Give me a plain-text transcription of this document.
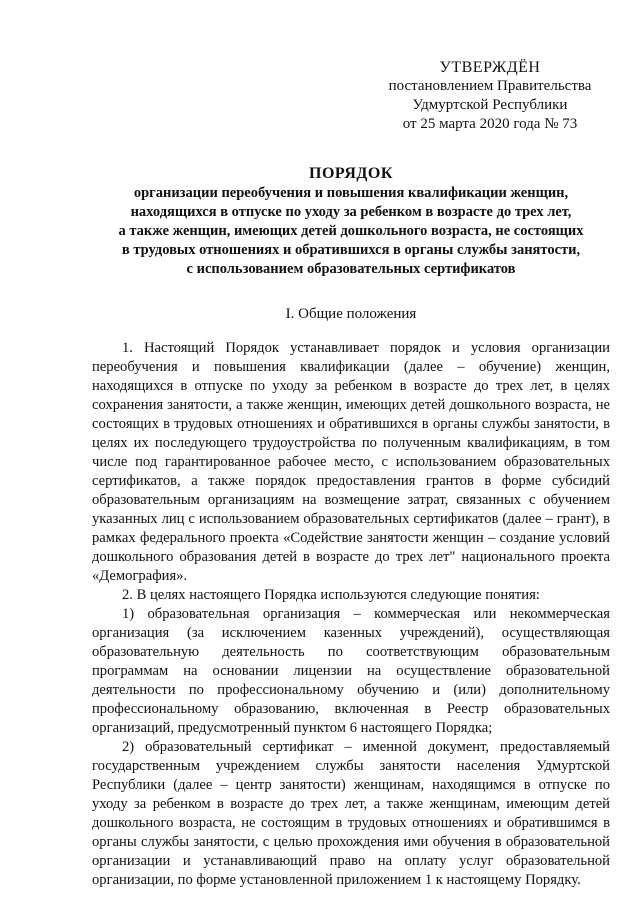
УТВЕРЖДЁН
постановлением Правительства
Удмуртской Республики
от 25 марта 2020 года № 73
ПОРЯДОК
организации переобучения и повышения квалификации женщин,
находящихся в отпуске по уходу за ребенком в возрасте до трех лет,
а также женщин, имеющих детей дошкольного возраста, не состоящих
в трудовых отношениях и обратившихся в органы службы занятости,
с использованием образовательных сертификатов
I. Общие положения

1. Настоящий Порядок устанавливает порядок и условия организации переобучения и повышения квалификации (далее – обучение) женщин, находящихся в отпуске по уходу за ребенком в возрасте до трех лет, в целях сохранения занятости, а также женщин, имеющих детей дошкольного возраста, не состоящих в трудовых отношениях и обратившихся в органы службы занятости, в целях их последующего трудоустройства по полученным квалификациям, в том числе под гарантированное рабочее место, с использованием образовательных сертификатов, а также порядок предоставления грантов в форме субсидий образовательным организациям на возмещение затрат, связанных с обучением указанных лиц с использованием образовательных сертификатов (далее – грант), в рамках федерального проекта «Содействие занятости женщин – создание условий дошкольного образования детей в возрасте до трех лет" национального проекта «Демография».

2. В целях настоящего Порядка используются следующие понятия:

1) образовательная организация – коммерческая или некоммерческая организация (за исключением казенных учреждений), осуществляющая образовательную деятельность по соответствующим образовательным программам на основании лицензии на осуществление образовательной деятельности по профессиональному обучению и (или) дополнительному профессиональному образованию, включенная в Реестр образовательных организаций, предусмотренный пунктом 6 настоящего Порядка;

2) образовательный сертификат – именной документ, предоставляемый государственным учреждением службы занятости населения Удмуртской Республики (далее – центр занятости) женщинам, находящимся в отпуске по уходу за ребенком в возрасте до трех лет, а также женщинам, имеющим детей дошкольного возраста, не состоящим в трудовых отношениях и обратившимся в органы службы занятости, с целью прохождения ими обучения в образовательной организации и устанавливающий право на оплату услуг образовательной организации, по форме установленной приложением 1 к настоящему Порядку.
